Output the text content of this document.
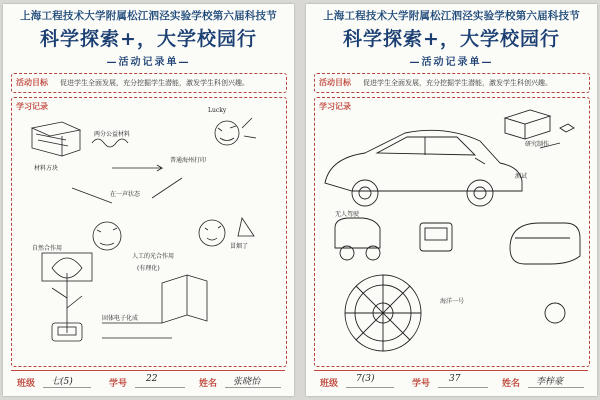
上海工程技术大学附属松江泗泾实验学校第六届科技节
科学探索+，大学校园行
—活动记录单—
活动目标 促进学生全面发展，充分挖掘学生潜能，激发学生科创兴趣。
学习记录
两分公益材料
普通海州打印
材料方块
在一声状态
Lucky
自然合作用	冒烟了
人工的光合作用
(有理化)
固体电子化成
班级 七(5)	学号 22	姓名 张晓怡
上海工程技术大学附属松江泗泾实验学校第六届科技节
科学探索+，大学校园行
—活动记录单—
活动目标 促进学生全面发展，充分挖掘学生潜能，激发学生科创兴趣。
学习记录
研究制作
无人驾驶
测试
海洋一号
班级 7(3)	学号 37	姓名 李梓豪
